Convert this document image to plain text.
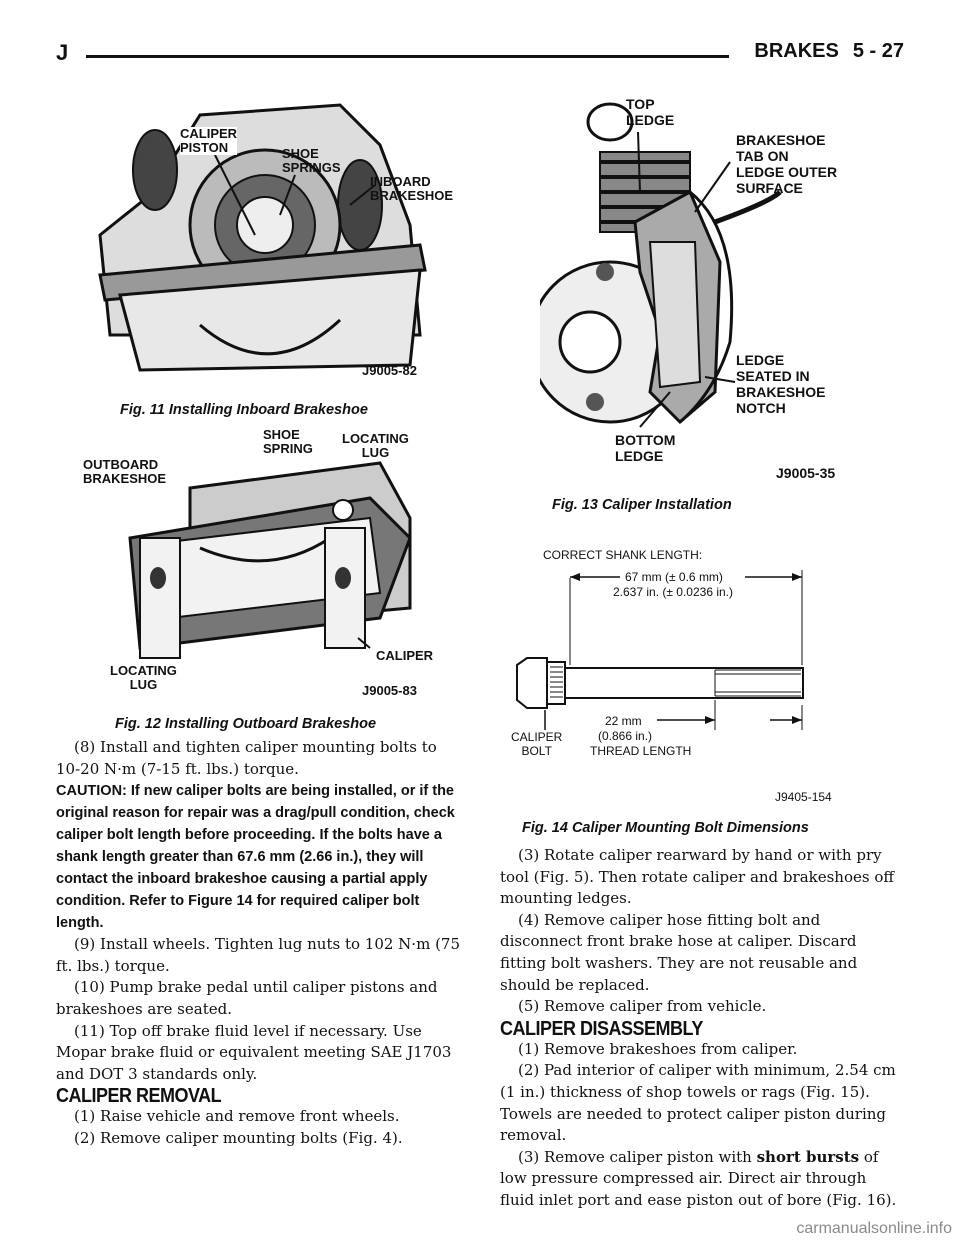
J	BRAKES 5 - 27
CALIPER
PISTON	SHOE
SPRINGS
INBOARD
BRAKESHOE
J9005-82
Fig. 11 Installing Inboard Brakeshoe
SHOE
SPRING
LOCATING
LUG
OUTBOARD
BRAKESHOE
CALIPER
LOCATING
LUG	J9005-83
Fig. 12 Installing Outboard Brakeshoe
TOP
LEDGE
BRAKESHOE
TAB ON
LEDGE OUTER
SURFACE
LEDGE
SEATED IN
BRAKESHOE
NOTCH
BOTTOM
LEDGE
J9005-35
Fig. 13 Caliper Installation
CORRECT SHANK LENGTH:
67 mm (± 0.6 mm)
2.637 in. (± 0.0236 in.)
CALIPER
BOLT
22 mm
(0.866 in.)
THREAD LENGTH
J9405-154
Fig. 14 Caliper Mounting Bolt Dimensions

(8) Install and tighten caliper mounting bolts to 10-20 N·m (7-15 ft. lbs.) torque.

CAUTION: If new caliper bolts are being installed, or if the original reason for repair was a drag/pull condition, check caliper bolt length before proceeding. If the bolts have a shank length greater than 67.6 mm (2.66 in.), they will contact the inboard brakeshoe causing a partial apply condition. Refer to Figure 14 for required caliper bolt length.

(9) Install wheels. Tighten lug nuts to 102 N·m (75 ft. lbs.) torque.

(10) Pump brake pedal until caliper pistons and brakeshoes are seated.

(11) Top off brake fluid level if necessary. Use Mopar brake fluid or equivalent meeting SAE J1703 and DOT 3 standards only.

CALIPER REMOVAL

(1) Raise vehicle and remove front wheels.

(2) Remove caliper mounting bolts (Fig. 4).

(3) Rotate caliper rearward by hand or with pry tool (Fig. 5). Then rotate caliper and brakeshoes off mounting ledges.

(4) Remove caliper hose fitting bolt and disconnect front brake hose at caliper. Discard fitting bolt washers. They are not reusable and should be replaced.

(5) Remove caliper from vehicle.

CALIPER DISASSEMBLY

(1) Remove brakeshoes from caliper.

(2) Pad interior of caliper with minimum, 2.54 cm (1 in.) thickness of shop towels or rags (Fig. 15). Towels are needed to protect caliper piston during removal.

(3) Remove caliper piston with short bursts of low pressure compressed air. Direct air through fluid inlet port and ease piston out of bore (Fig. 16).

carmanualsonline.info
